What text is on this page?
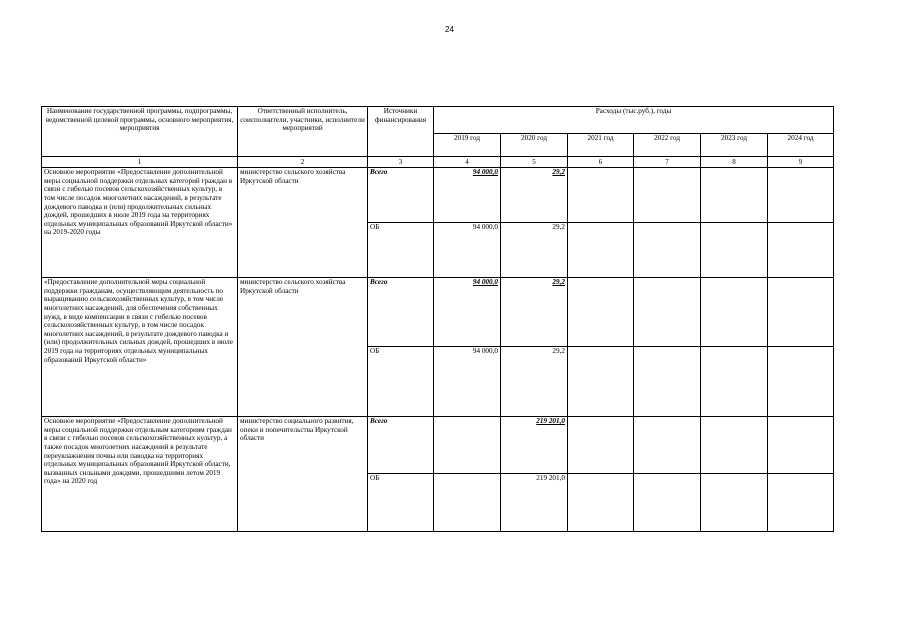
24
Наименование государственной программы, подпрограммы, ведомственной целевой программы, основного мероприятия, мероприятия	Ответственный исполнитель, соисполнители, участники, исполнители мероприятий	Источники финансирования	Расходы (тыс.руб.), годы					
			2019 год	2020 год	2021 год	2022 год	2023 год	2024 год
1	2	3	4	5	6	7	8	9
Основное мероприятие «Предоставление дополнительной меры социальной поддержки отдельных категорий граждан в связи с гибелью посевов сельскохозяйственных культур, в том числе посадок многолетних насаждений, в результате дождевого паводка и (или) продолжительных сильных дождей, прошедших в июле 2019 года на территориях отдельных муниципальных образований Иркутской области» на 2019-2020 годы	министерство сельского хозяйства Иркутской области	Всего	94 000,0	29,2				
		ОБ	94 000,0	29,2				
«Предоставление дополнительной меры социальной поддержки гражданам, осуществляющим деятельность по выращиванию сельскохозяйственных культур, в том числе многолетних насаждений, для обеспечения собственных нужд, в виде компенсации в связи с гибелью посевов сельскохозяйственных культур, в том числе посадок многолетних насаждений, в результате дождевого паводка и (или) продолжительных сильных дождей, прошедших в июле 2019 года на территориях отдельных муниципальных образований Иркутской области»	министерство сельского хозяйства Иркутской области	Всего	94 000,0	29,2				
		ОБ	94 000,0	29,2				
Основное мероприятие «Предоставление дополнительной меры социальной поддержки отдельным категориям граждан в связи с гибелью посевов сельскохозяйственных культур, а также посадок многолетних насаждений в результате переувлажнения почвы или паводка на территориях отдельных муниципальных образований Иркутской области, вызванных сильными дождями, прошедшими летом 2019 года» на 2020 год	министерство социального развития, опеки и попечительства Иркутской области	Всего		219 201,0				
		ОБ		219 201,0				
